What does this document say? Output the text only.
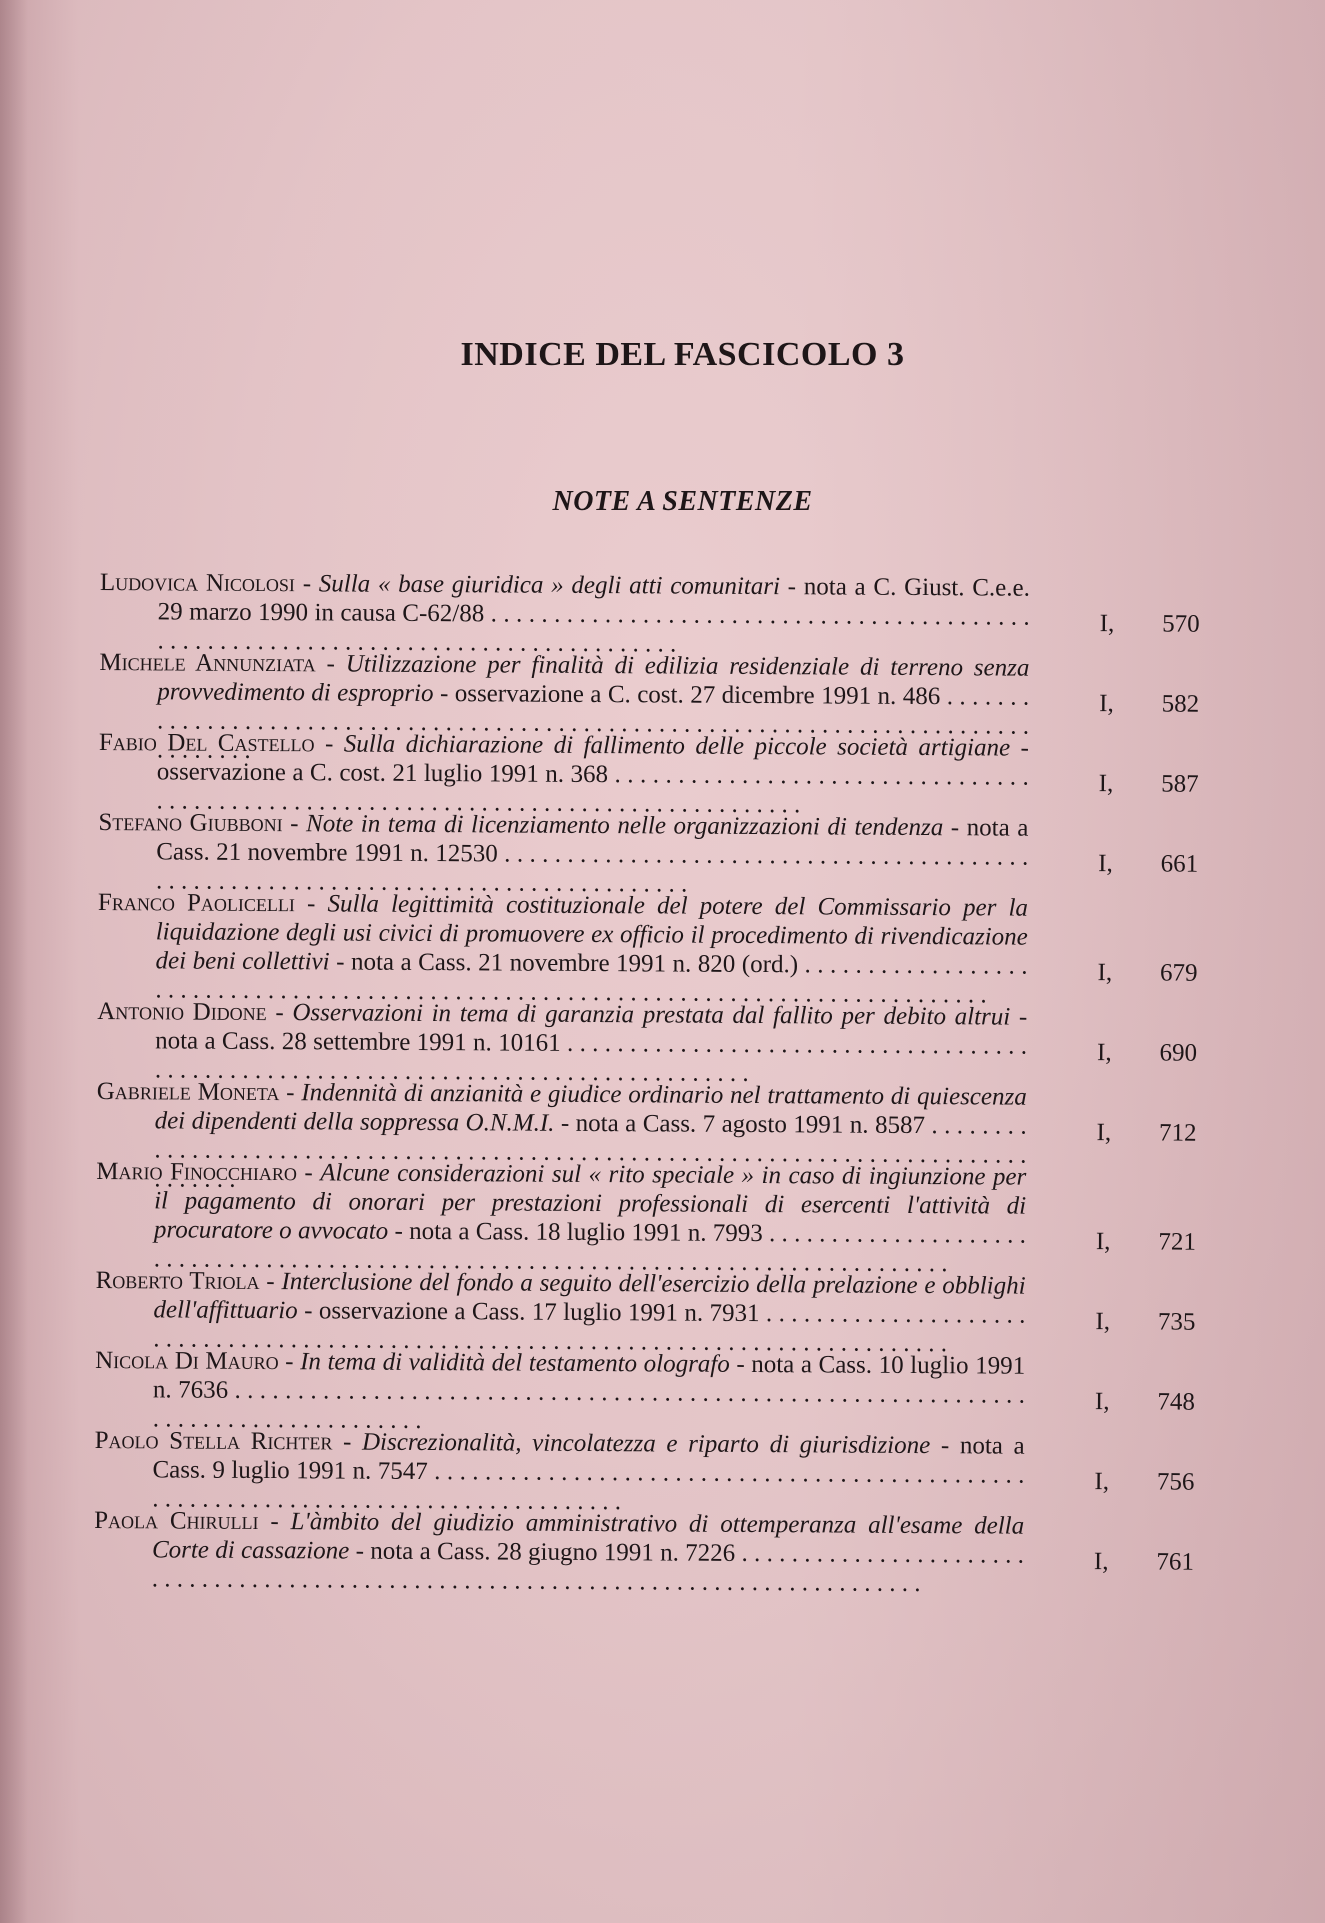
INDICE DEL FASCICOLO 3
NOTE A SENTENZE
Ludovica Nicolosi - Sulla « base giuridica » degli atti comunitari - nota a C. Giust. C.e.e. 29 marzo 1990 in causa C-62/88 . . .	I, 570
Michele Annunziata - Utilizzazione per finalità di edilizia residenziale di terreno senza provvedimento di esproprio - osservazione a C. cost. 27 dicembre 1991 n. 486 . . .	I, 582
Fabio Del Castello - Sulla dichiarazione di fallimento delle piccole società artigiane - osservazione a C. cost. 21 luglio 1991 n. 368 . . .	I, 587
Stefano Giubboni - Note in tema di licenziamento nelle organizzazioni di tendenza - nota a Cass. 21 novembre 1991 n. 12530 . . .	I, 661
Franco Paolicelli - Sulla legittimità costituzionale del potere del Commissario per la liquidazione degli usi civici di promuovere ex officio il procedimento di rivendicazione dei beni collettivi - nota a Cass. 21 novembre 1991 n. 820 (ord.) . . .	I, 679
Antonio Didone - Osservazioni in tema di garanzia prestata dal fallito per debito altrui - nota a Cass. 28 settembre 1991 n. 10161 . . .	I, 690
Gabriele Moneta - Indennità di anzianità e giudice ordinario nel trattamento di quiescenza dei dipendenti della soppressa O.N.M.I. - nota a Cass. 7 agosto 1991 n. 8587 . . .	I, 712
Mario Finocchiaro - Alcune considerazioni sul « rito speciale » in caso di ingiunzione per il pagamento di onorari per prestazioni professionali di esercenti l'attività di procuratore o avvocato - nota a Cass. 18 luglio 1991 n. 7993 . . .	I, 721
Roberto Triola - Interclusione del fondo a seguito dell'esercizio della prelazione e obblighi dell'affittuario - osservazione a Cass. 17 luglio 1991 n. 7931 . . .	I, 735
Nicola Di Mauro - In tema di validità del testamento olografo - nota a Cass. 10 luglio 1991 n. 7636 . . .	I, 748
Paolo Stella Richter - Discrezionalità, vincolatezza e riparto di giurisdizione - nota a Cass. 9 luglio 1991 n. 7547 . . .	I, 756
Paola Chirulli - L'àmbito del giudizio amministrativo di ottemperanza all'esame della Corte di cassazione - nota a Cass. 28 giugno 1991 n. 7226 . . .	I, 761
